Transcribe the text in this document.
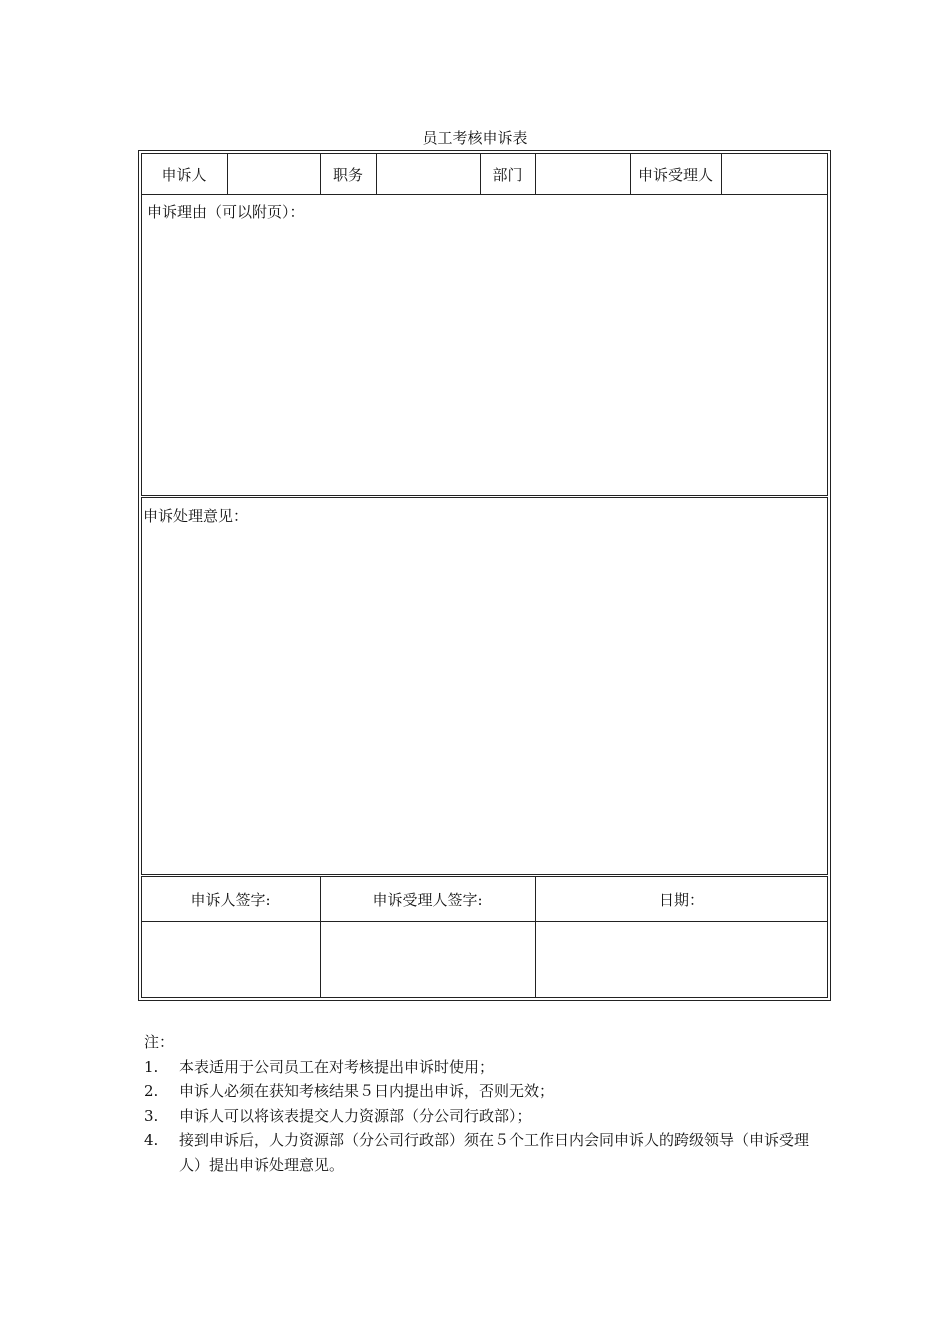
员工考核申诉表
申诉人	职务	部门	申诉受理人
申诉理由（可以附页）：
申诉处理意见：
申诉人签字:	申诉受理人签字:	日期：
注：
1. 本表适用于公司员工在对考核提出申诉时使用；
2. 申诉人必须在获知考核结果５日内提出申诉，否则无效；
3. 申诉人可以将该表提交人力资源部（分公司行政部）；
4. 接到申诉后，人力资源部（分公司行政部）须在５个工作日内会同申诉人的跨级领导（申诉受理人）提出申诉处理意见。
